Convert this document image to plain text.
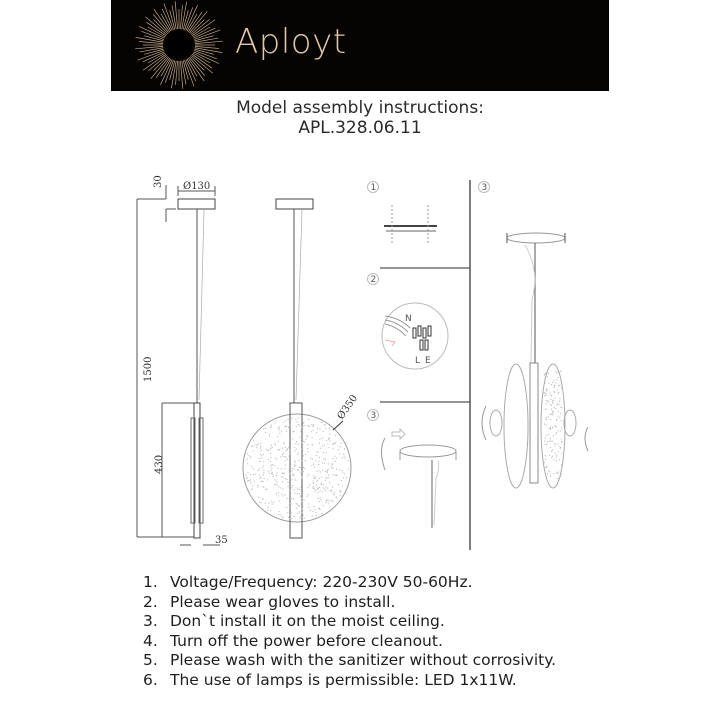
Aployt
Model assembly instructions:
APL.328.06.11
30 Ø130
1500
430
35
Ø350
1
2
3
3
N
L E
1. Voltage/Frequency: 220-230V 50-60Hz.
2. Please wear gloves to install.
3. Don`t install it on the moist ceiling.
4. Turn off the power before cleanout.
5. Please wash with the sanitizer without corrosivity.
6. The use of lamps is permissible: LED 1x11W.
